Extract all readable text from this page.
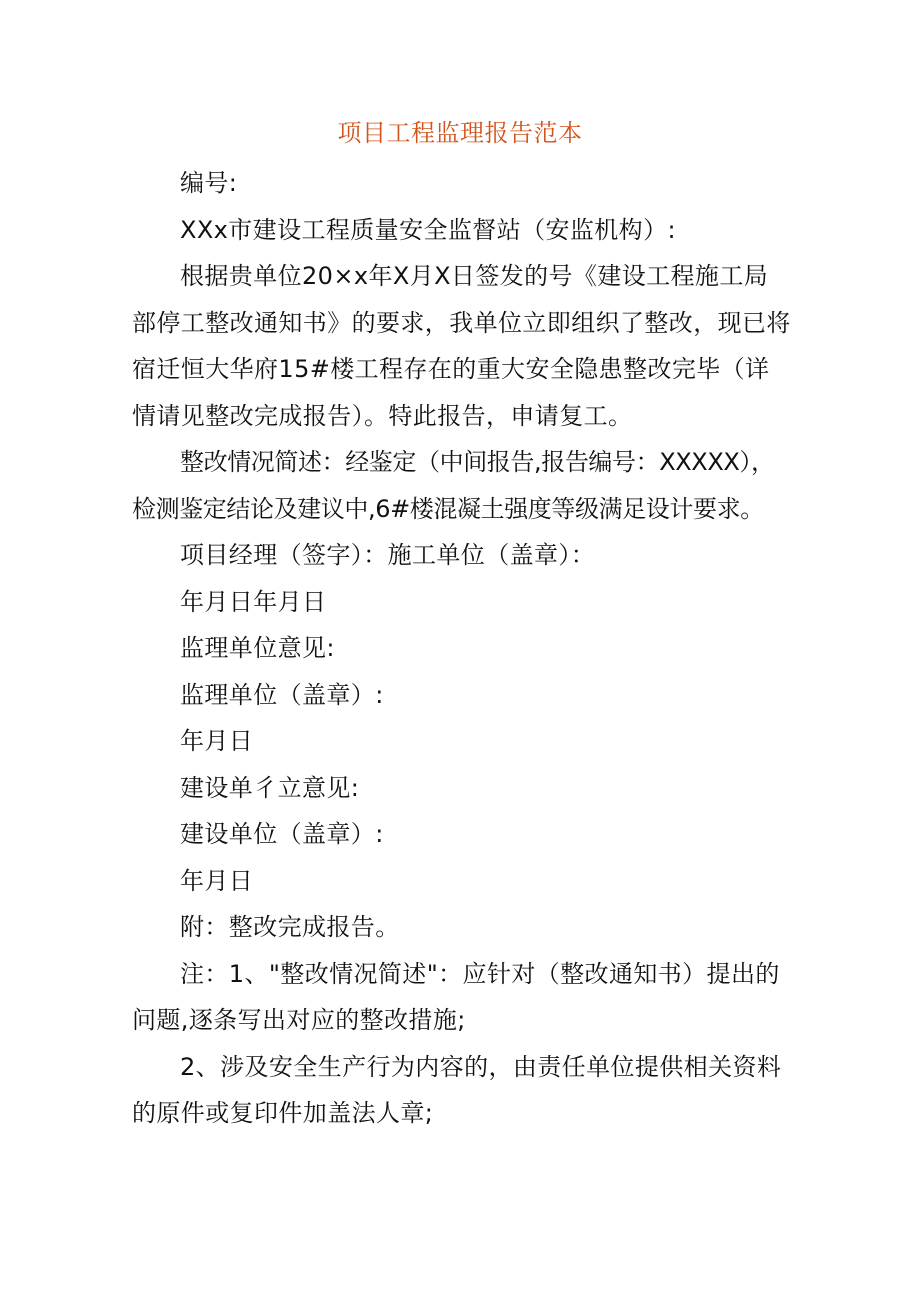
项目工程监理报告范本

编号:

XXx市建设工程质量安全监督站（安监机构）:

根据贵单位20×x年X月X日签发的号《建设工程施工局部停工整改通知书》的要求，我单位立即组织了整改，现已将宿迁恒大华府15#楼工程存在的重大安全隐患整改完毕（详情请见整改完成报告）。特此报告，申请复工。

整改情况简述：经鉴定（中间报告,报告编号：XXXXX），检测鉴定结论及建议中,6#楼混凝土强度等级满足设计要求。

项目经理（签字）：施工单位（盖章）：

年月日年月日

监理单位意见:

监理单位（盖章）:

年月日

建设单彳立意见:

建设单位（盖章）:

年月日

附：整改完成报告。

注：1、"整改情况简述"：应针对（整改通知书）提出的问题,逐条写出对应的整改措施;

2、涉及安全生产行为内容的，由责任单位提供相关资料的原件或复印件加盖法人章;
